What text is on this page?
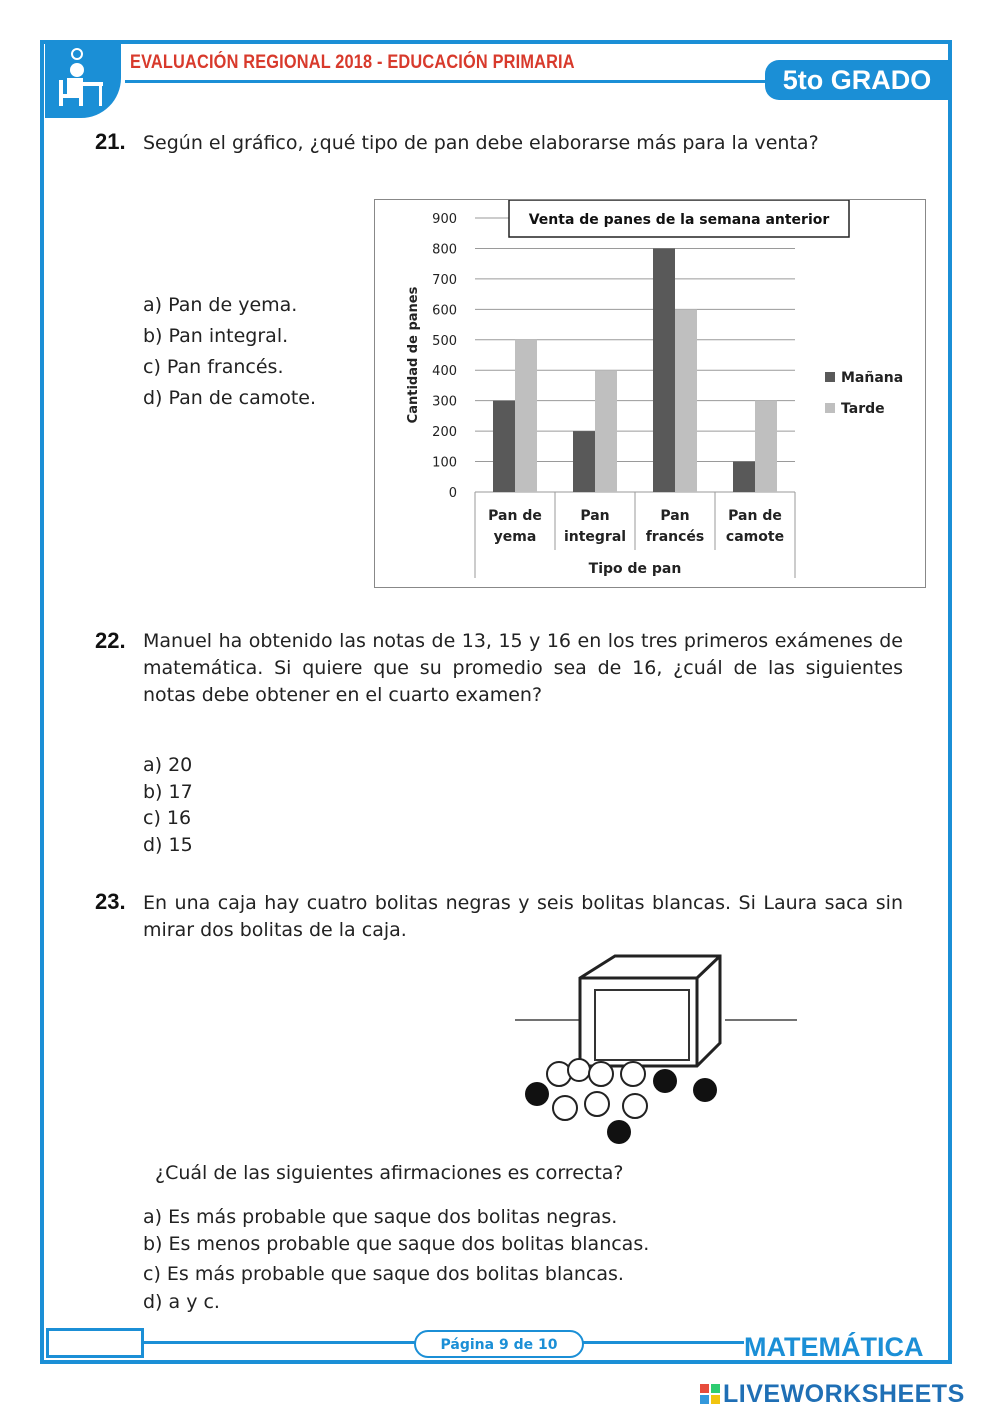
EVALUACIÓN REGIONAL 2018 - EDUCACIÓN PRIMARIA
5to GRADO
21. Según el gráfico, ¿qué tipo de pan debe elaborarse más para la venta?
a) Pan de yema.
b) Pan integral.
c) Pan francés.
d) Pan de camote.
0
100
200
300
400
500
600
700
800
900
Pan de
yema
Pan
integral
Pan
francés
Pan de
camote
Tipo de pan
Cantidad de panes
Venta de panes de la semana anterior
Mañana
Tarde
22. Manuel ha obtenido las notas de 13, 15 y 16 en los tres primeros exámenes de matemática. Si quiere que su promedio sea de 16, ¿cuál de las siguientes notas debe obtener en el cuarto examen?
a) 20
b) 17
c) 16
d) 15
23. En una caja hay cuatro bolitas negras y seis bolitas blancas. Si Laura saca sin mirar dos bolitas de la caja.
¿Cuál de las siguientes afirmaciones es correcta?
a) Es más probable que saque dos bolitas negras.
b) Es menos probable que saque dos bolitas blancas.
c) Es más probable que saque dos bolitas blancas.
d) a y c.
Página 9 de 10	MATEMÁTICA
LIVEWORKSHEETS
